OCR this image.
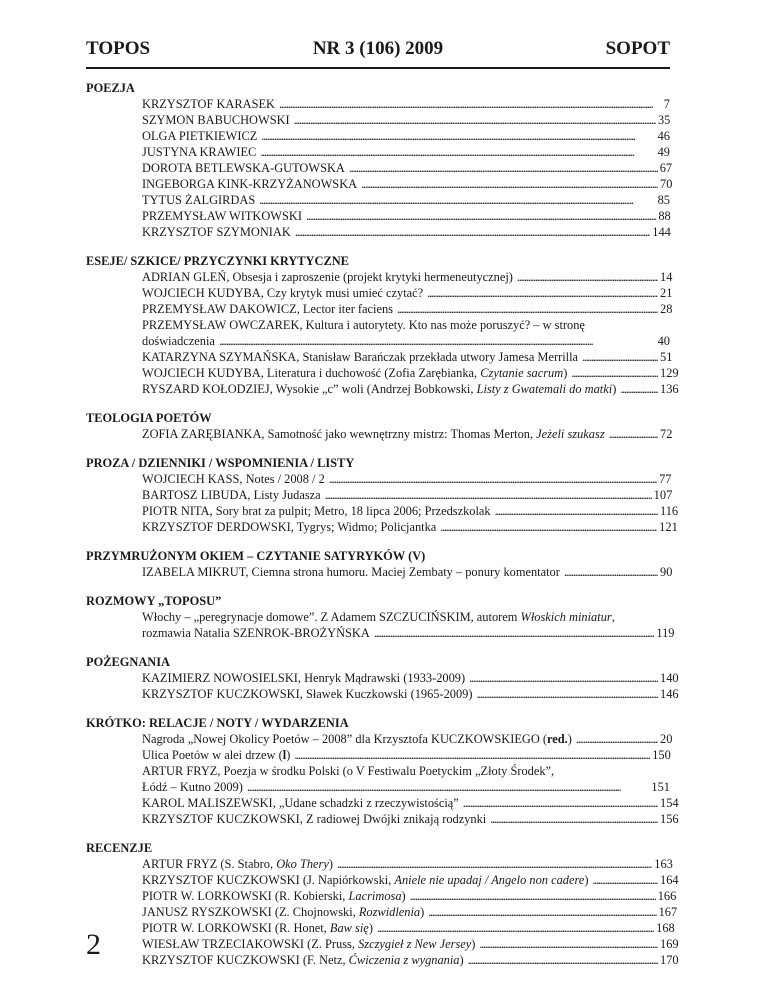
TOPOS	NR 3 (106) 2009	SOPOT
POEZJA
KRZYSZTOF KARASEK . . .	7
SZYMON BABUCHOWSKI . . .	35
OLGA PIETKIEWICZ . . .	46
JUSTYNA KRAWIEC . . .	49
DOROTA BETLEWSKA-GUTOWSKA . . .	67
INGEBORGA KINK-KRZYŻANOWSKA . . .	70
TYTUS ŻALGIRDAS . . .	85
PRZEMYSŁAW WITKOWSKI . . .	88
KRZYSZTOF SZYMONIAK . . .	144
ESEJE/ SZKICE/ PRZYCZYNKI KRYTYCZNE
ADRIAN GLEŃ, Obsesja i zaproszenie (projekt krytyki hermeneutycznej) . . .	14
WOJCIECH KUDYBA, Czy krytyk musi umieć czytać? . . .	21
PRZEMYSŁAW DAKOWICZ, Lector iter faciens . . .	28
PRZEMYSŁAW OWCZAREK, Kultura i autorytety. Kto nas może poruszyć? – w stronę
doświadczenia . . .	40
KATARZYNA SZYMAŃSKA, Stanisław Barańczak przekłada utwory Jamesa Merrilla . . .	51
WOJCIECH KUDYBA, Literatura i duchowość (Zofia Zarębianka, Czytanie sacrum) . . .	129
RYSZARD KOŁODZIEJ, Wysokie „c” woli (Andrzej Bobkowski, Listy z Gwatemali do matki) . . .	136
TEOLOGIA POETÓW
ZOFIA ZARĘBIANKA, Samotność jako wewnętrzny mistrz: Thomas Merton, Jeżeli szukasz . . .	72
PROZA / DZIENNIKI / WSPOMNIENIA / LISTY
WOJCIECH KASS, Notes / 2008 / 2 . . .	77
BARTOSZ LIBUDA, Listy Judasza . . .	107
PIOTR NITA, Sory brat za pulpit; Metro, 18 lipca 2006; Przedszkolak . . .	116
KRZYSZTOF DERDOWSKI, Tygrys; Widmo; Policjantka . . .	121
PRZYMRUŻONYM OKIEM – CZYTANIE SATYRYKÓW (V)
IZABELA MIKRUT, Ciemna strona humoru. Maciej Zembaty – ponury komentator . . .	90
ROZMOWY „TOPOSU”
Włochy – „peregrynacje domowe”. Z Adamem SZCZUCIŃSKIM, autorem Włoskich miniatur,
rozmawia Natalia SZENROK-BROŻYŃSKA . . .	119
POŻEGNANIA
KAZIMIERZ NOWOSIELSKI, Henryk Mądrawski (1933-2009) . . .	140
KRZYSZTOF KUCZKOWSKI, Sławek Kuczkowski (1965-2009) . . .	146
KRÓTKO: RELACJE / NOTY / WYDARZENIA
Nagroda „Nowej Okolicy Poetów – 2008” dla Krzysztofa KUCZKOWSKIEGO (red.) . . .	20
Ulica Poetów w alei drzew (l) . . .	150
ARTUR FRYZ, Poezja w środku Polski (o V Festiwalu Poetyckim „Złoty Środek”,
Łódź – Kutno 2009) . . .	151
KAROL MALISZEWSKI, „Udane schadzki z rzeczywistością” . . .	154
KRZYSZTOF KUCZKOWSKI, Z radiowej Dwójki znikają rodzynki . . .	156
RECENZJE
ARTUR FRYZ (S. Stabro, Oko Thery) . . .	163
KRZYSZTOF KUCZKOWSKI (J. Napiórkowski, Aniele nie upadaj / Angelo non cadere) . . .	164
PIOTR W. LORKOWSKI (R. Kobierski, Lacrimosa) . . .	166
JANUSZ RYSZKOWSKI (Z. Chojnowski, Rozwidlenia) . . .	167
PIOTR W. LORKOWSKI (R. Honet, Baw się) . . .	168
WIESŁAW TRZECIAKOWSKI (Z. Pruss, Szczygieł z New Jersey) . . .	169
KRZYSZTOF KUCZKOWSKI (F. Netz, Ćwiczenia z wygnania) . . .	170
2
